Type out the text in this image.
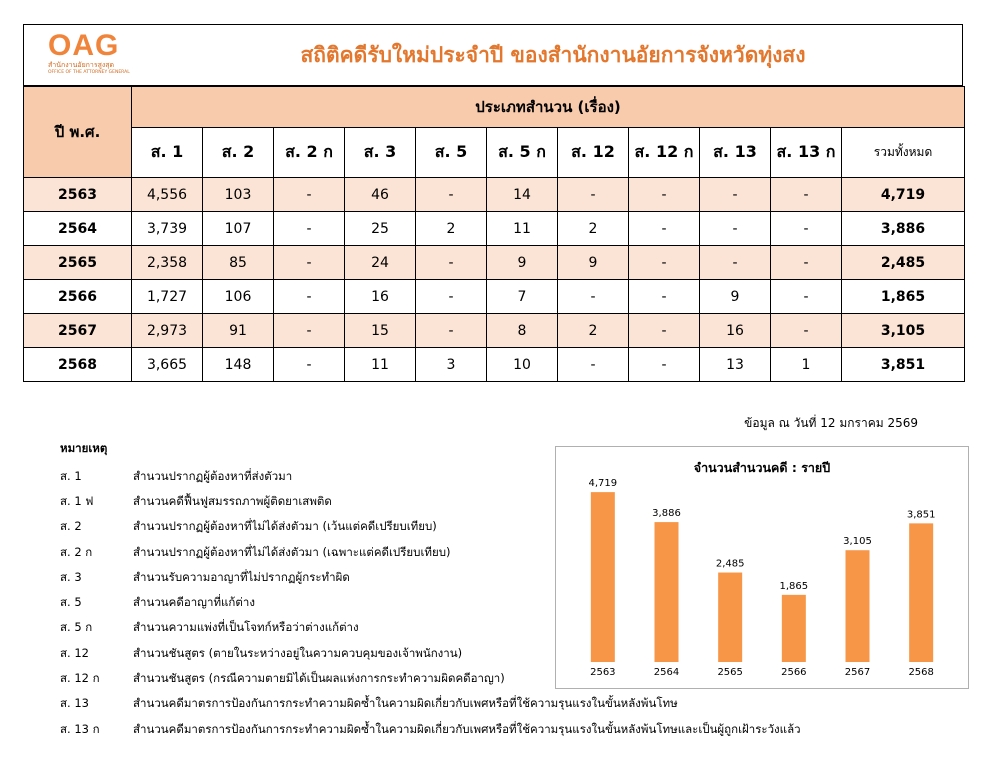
OAG
สำนักงานอัยการสูงสุด
OFFICE OF THE ATTORNEY GENERAL
สถิติคดีรับใหม่ประจำปี ของสำนักงานอัยการจังหวัดทุ่งสง
ปี พ.ศ.	ประเภทสำนวน (เรื่อง)										
	ส. 1	ส. 2	ส. 2 ก	ส. 3	ส. 5	ส. 5 ก	ส. 12	ส. 12 ก	ส. 13	ส. 13 ก	รวมทั้งหมด
2563	4,556	103	-	46	-	14	-	-	-	-	4,719
2564	3,739	107	-	25	2	11	2	-	-	-	3,886
2565	2,358	85	-	24	-	9	9	-	-	-	2,485
2566	1,727	106	-	16	-	7	-	-	9	-	1,865
2567	2,973	91	-	15	-	8	2	-	16	-	3,105
2568	3,665	148	-	11	3	10	-	-	13	1	3,851
ข้อมูล ณ วันที่ 12 มกราคม 2569
หมายเหตุ
ส. 1	สำนวนปรากฏผู้ต้องหาที่ส่งตัวมา
ส. 1 ฟ	สำนวนคดีฟื้นฟูสมรรถภาพผู้ติดยาเสพติด
ส. 2	สำนวนปรากฏผู้ต้องหาที่ไม่ได้ส่งตัวมา (เว้นแต่คดีเปรียบเทียบ)
ส. 2 ก	สำนวนปรากฏผู้ต้องหาที่ไม่ได้ส่งตัวมา (เฉพาะแต่คดีเปรียบเทียบ)
ส. 3	สำนวนรับความอาญาที่ไม่ปรากฏผู้กระทำผิด
ส. 5	สำนวนคดีอาญาที่แก้ต่าง
ส. 5 ก	สำนวนความแพ่งที่เป็นโจทก์หรือว่าต่างแก้ต่าง
ส. 12	สำนวนชันสูตร (ตายในระหว่างอยู่ในความควบคุมของเจ้าพนักงาน)
ส. 12 ก	สำนวนชันสูตร (กรณีความตายมิได้เป็นผลแห่งการกระทำความผิดคดีอาญา)
ส. 13	สำนวนคดีมาตรการป้องกันการกระทำความผิดซ้ำในความผิดเกี่ยวกับเพศหรือที่ใช้ความรุนแรงในขั้นหลังพ้นโทษ
ส. 13 ก	สำนวนคดีมาตรการป้องกันการกระทำความผิดซ้ำในความผิดเกี่ยวกับเพศหรือที่ใช้ความรุนแรงในขั้นหลังพ้นโทษและเป็นผู้ถูกเฝ้าระวังแล้ว
จำนวนสำนวนคดี : รายปี
4,719
2563
3,886
2564
2,485
2565
1,865
2566
3,105
2567
3,851
2568
